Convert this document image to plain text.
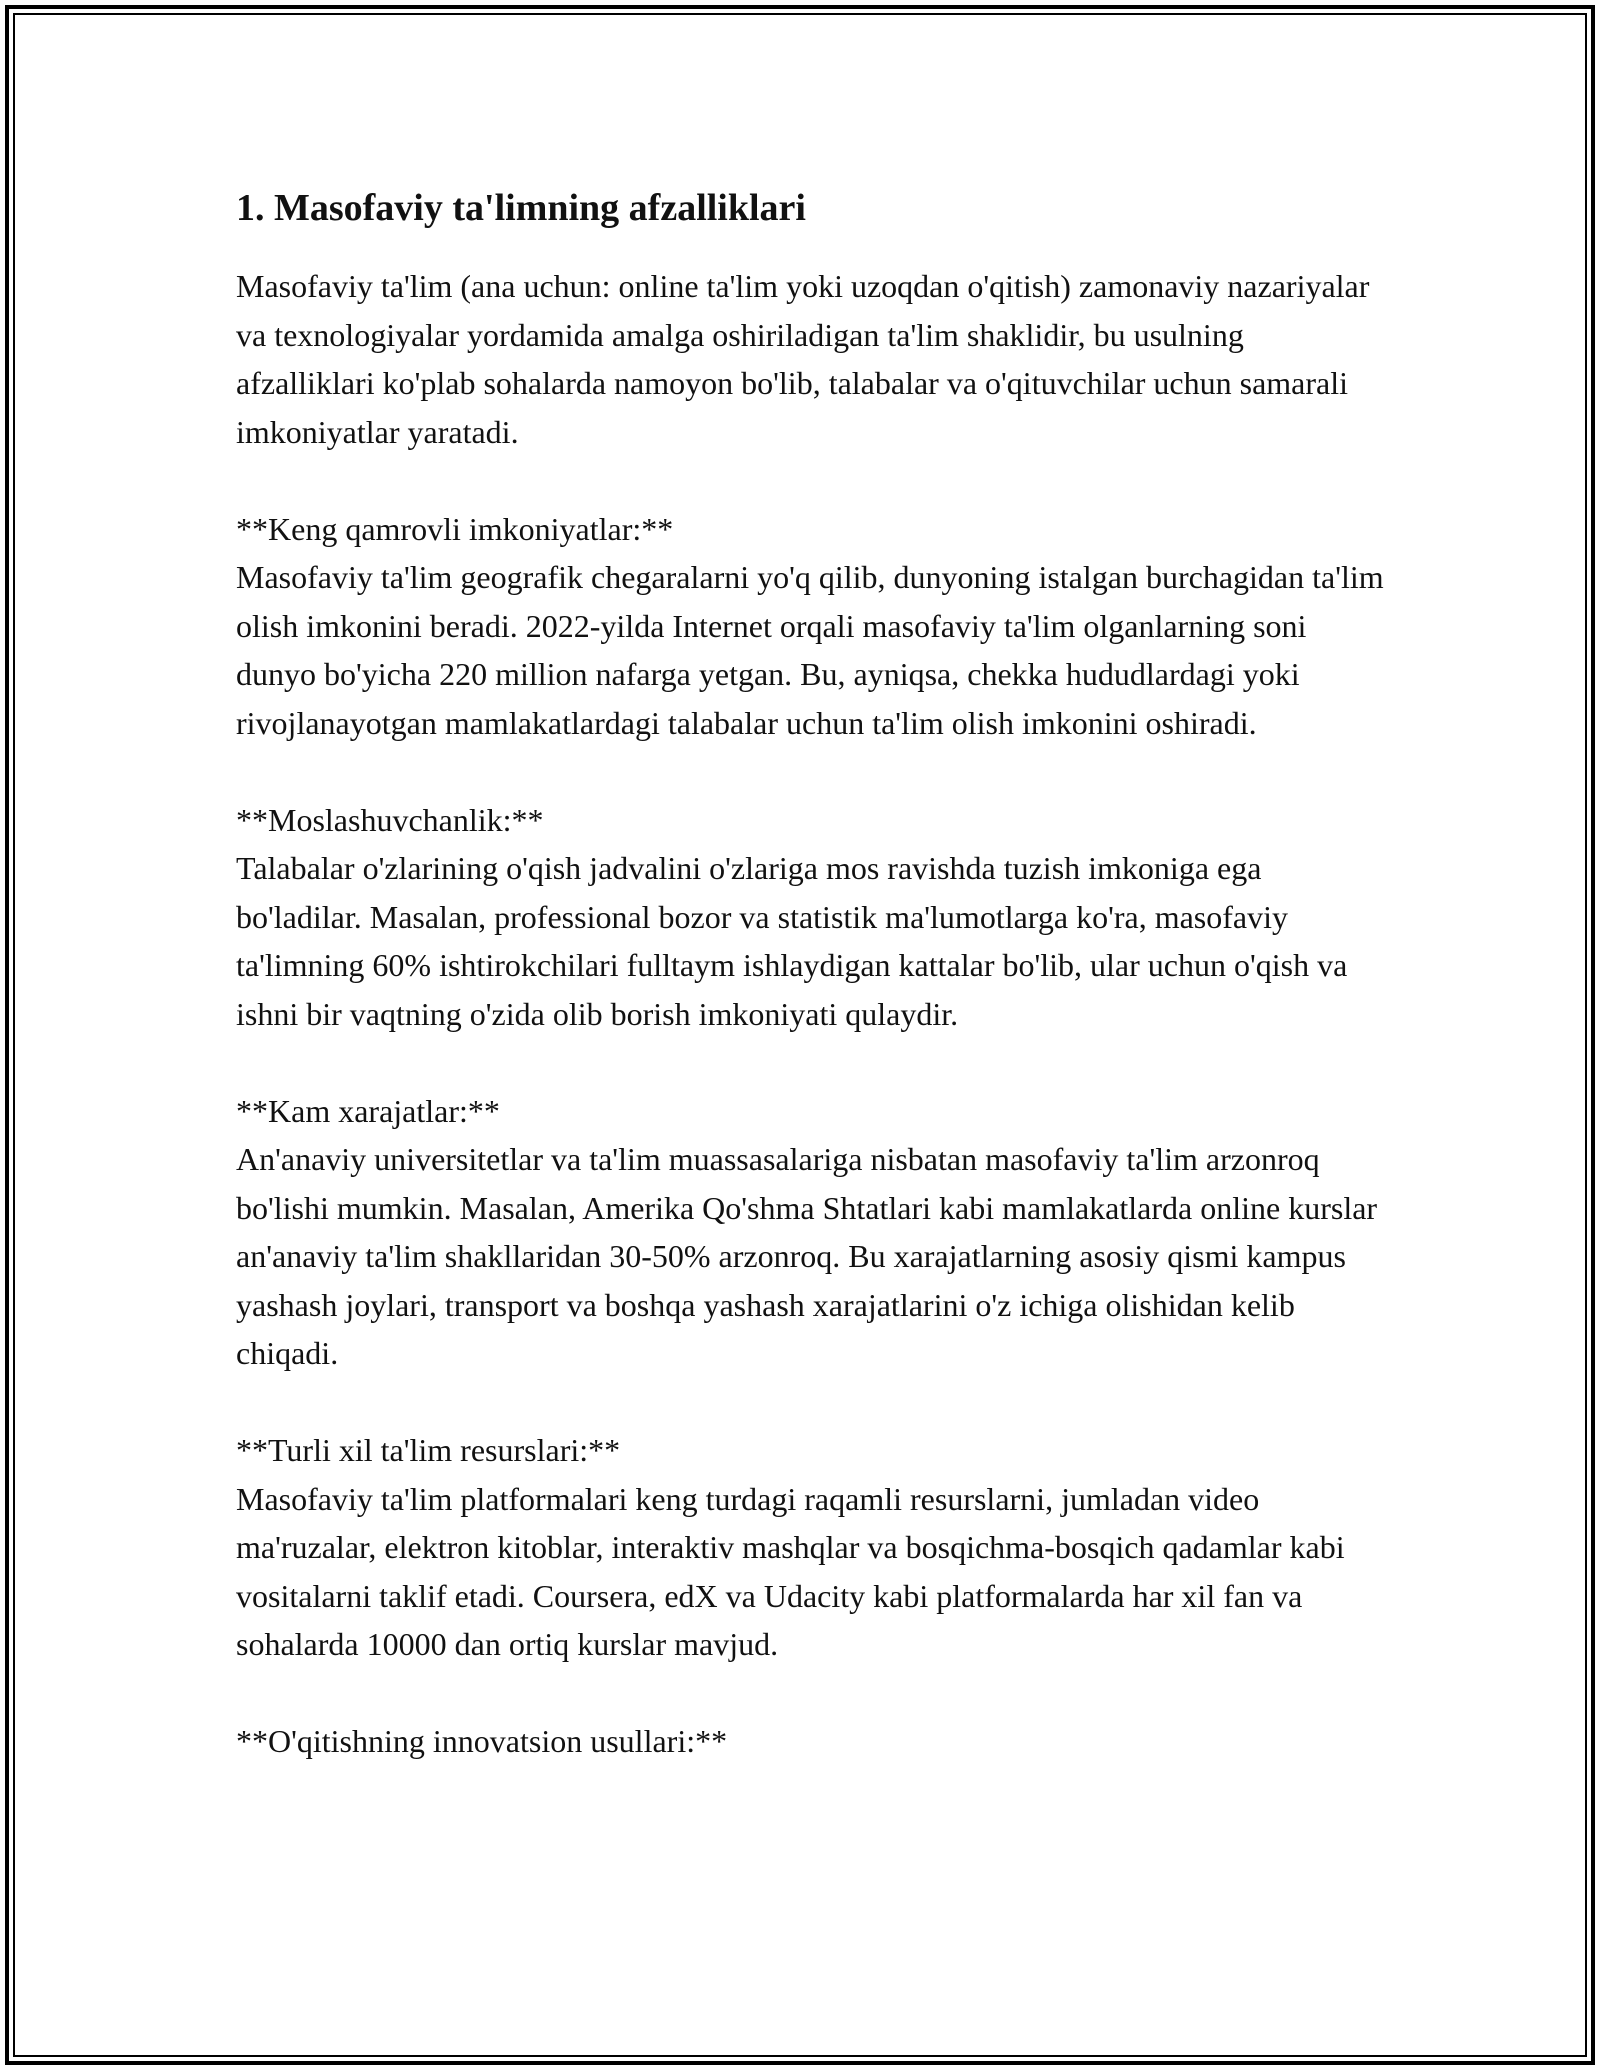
1. Masofaviy ta'limning afzalliklari

Masofaviy ta'lim (ana uchun: online ta'lim yoki uzoqdan o'qitish) zamonaviy nazariyalar va texnologiyalar yordamida amalga oshiriladigan ta'lim shaklidir, bu usulning afzalliklari ko'plab sohalarda namoyon bo'lib, talabalar va o'qituvchilar uchun samarali imkoniyatlar yaratadi.

**Keng qamrovli imkoniyatlar:**
Masofaviy ta'lim geografik chegaralarni yo'q qilib, dunyoning istalgan burchagidan ta'lim olish imkonini beradi. 2022-yilda Internet orqali masofaviy ta'lim olganlarning soni dunyo bo'yicha 220 million nafarga yetgan. Bu, ayniqsa, chekka hududlardagi yoki rivojlanayotgan mamlakatlardagi talabalar uchun ta'lim olish imkonini oshiradi.

**Moslashuvchanlik:**
Talabalar o'zlarining o'qish jadvalini o'zlariga mos ravishda tuzish imkoniga ega bo'ladilar. Masalan, professional bozor va statistik ma'lumotlarga ko'ra, masofaviy ta'limning 60% ishtirokchilari fulltaym ishlaydigan kattalar bo'lib, ular uchun o'qish va ishni bir vaqtning o'zida olib borish imkoniyati qulaydir.

**Kam xarajatlar:**
An'anaviy universitetlar va ta'lim muassasalariga nisbatan masofaviy ta'lim arzonroq bo'lishi mumkin. Masalan, Amerika Qo'shma Shtatlari kabi mamlakatlarda online kurslar an'anaviy ta'lim shakllaridan 30-50% arzonroq. Bu xarajatlarning asosiy qismi kampus yashash joylari, transport va boshqa yashash xarajatlarini o'z ichiga olishidan kelib chiqadi.

**Turli xil ta'lim resurslari:**
Masofaviy ta'lim platformalari keng turdagi raqamli resurslarni, jumladan video ma'ruzalar, elektron kitoblar, interaktiv mashqlar va bosqichma-bosqich qadamlar kabi vositalarni taklif etadi. Coursera, edX va Udacity kabi platformalarda har xil fan va sohalarda 10000 dan ortiq kurslar mavjud.

**O'qitishning innovatsion usullari:**
